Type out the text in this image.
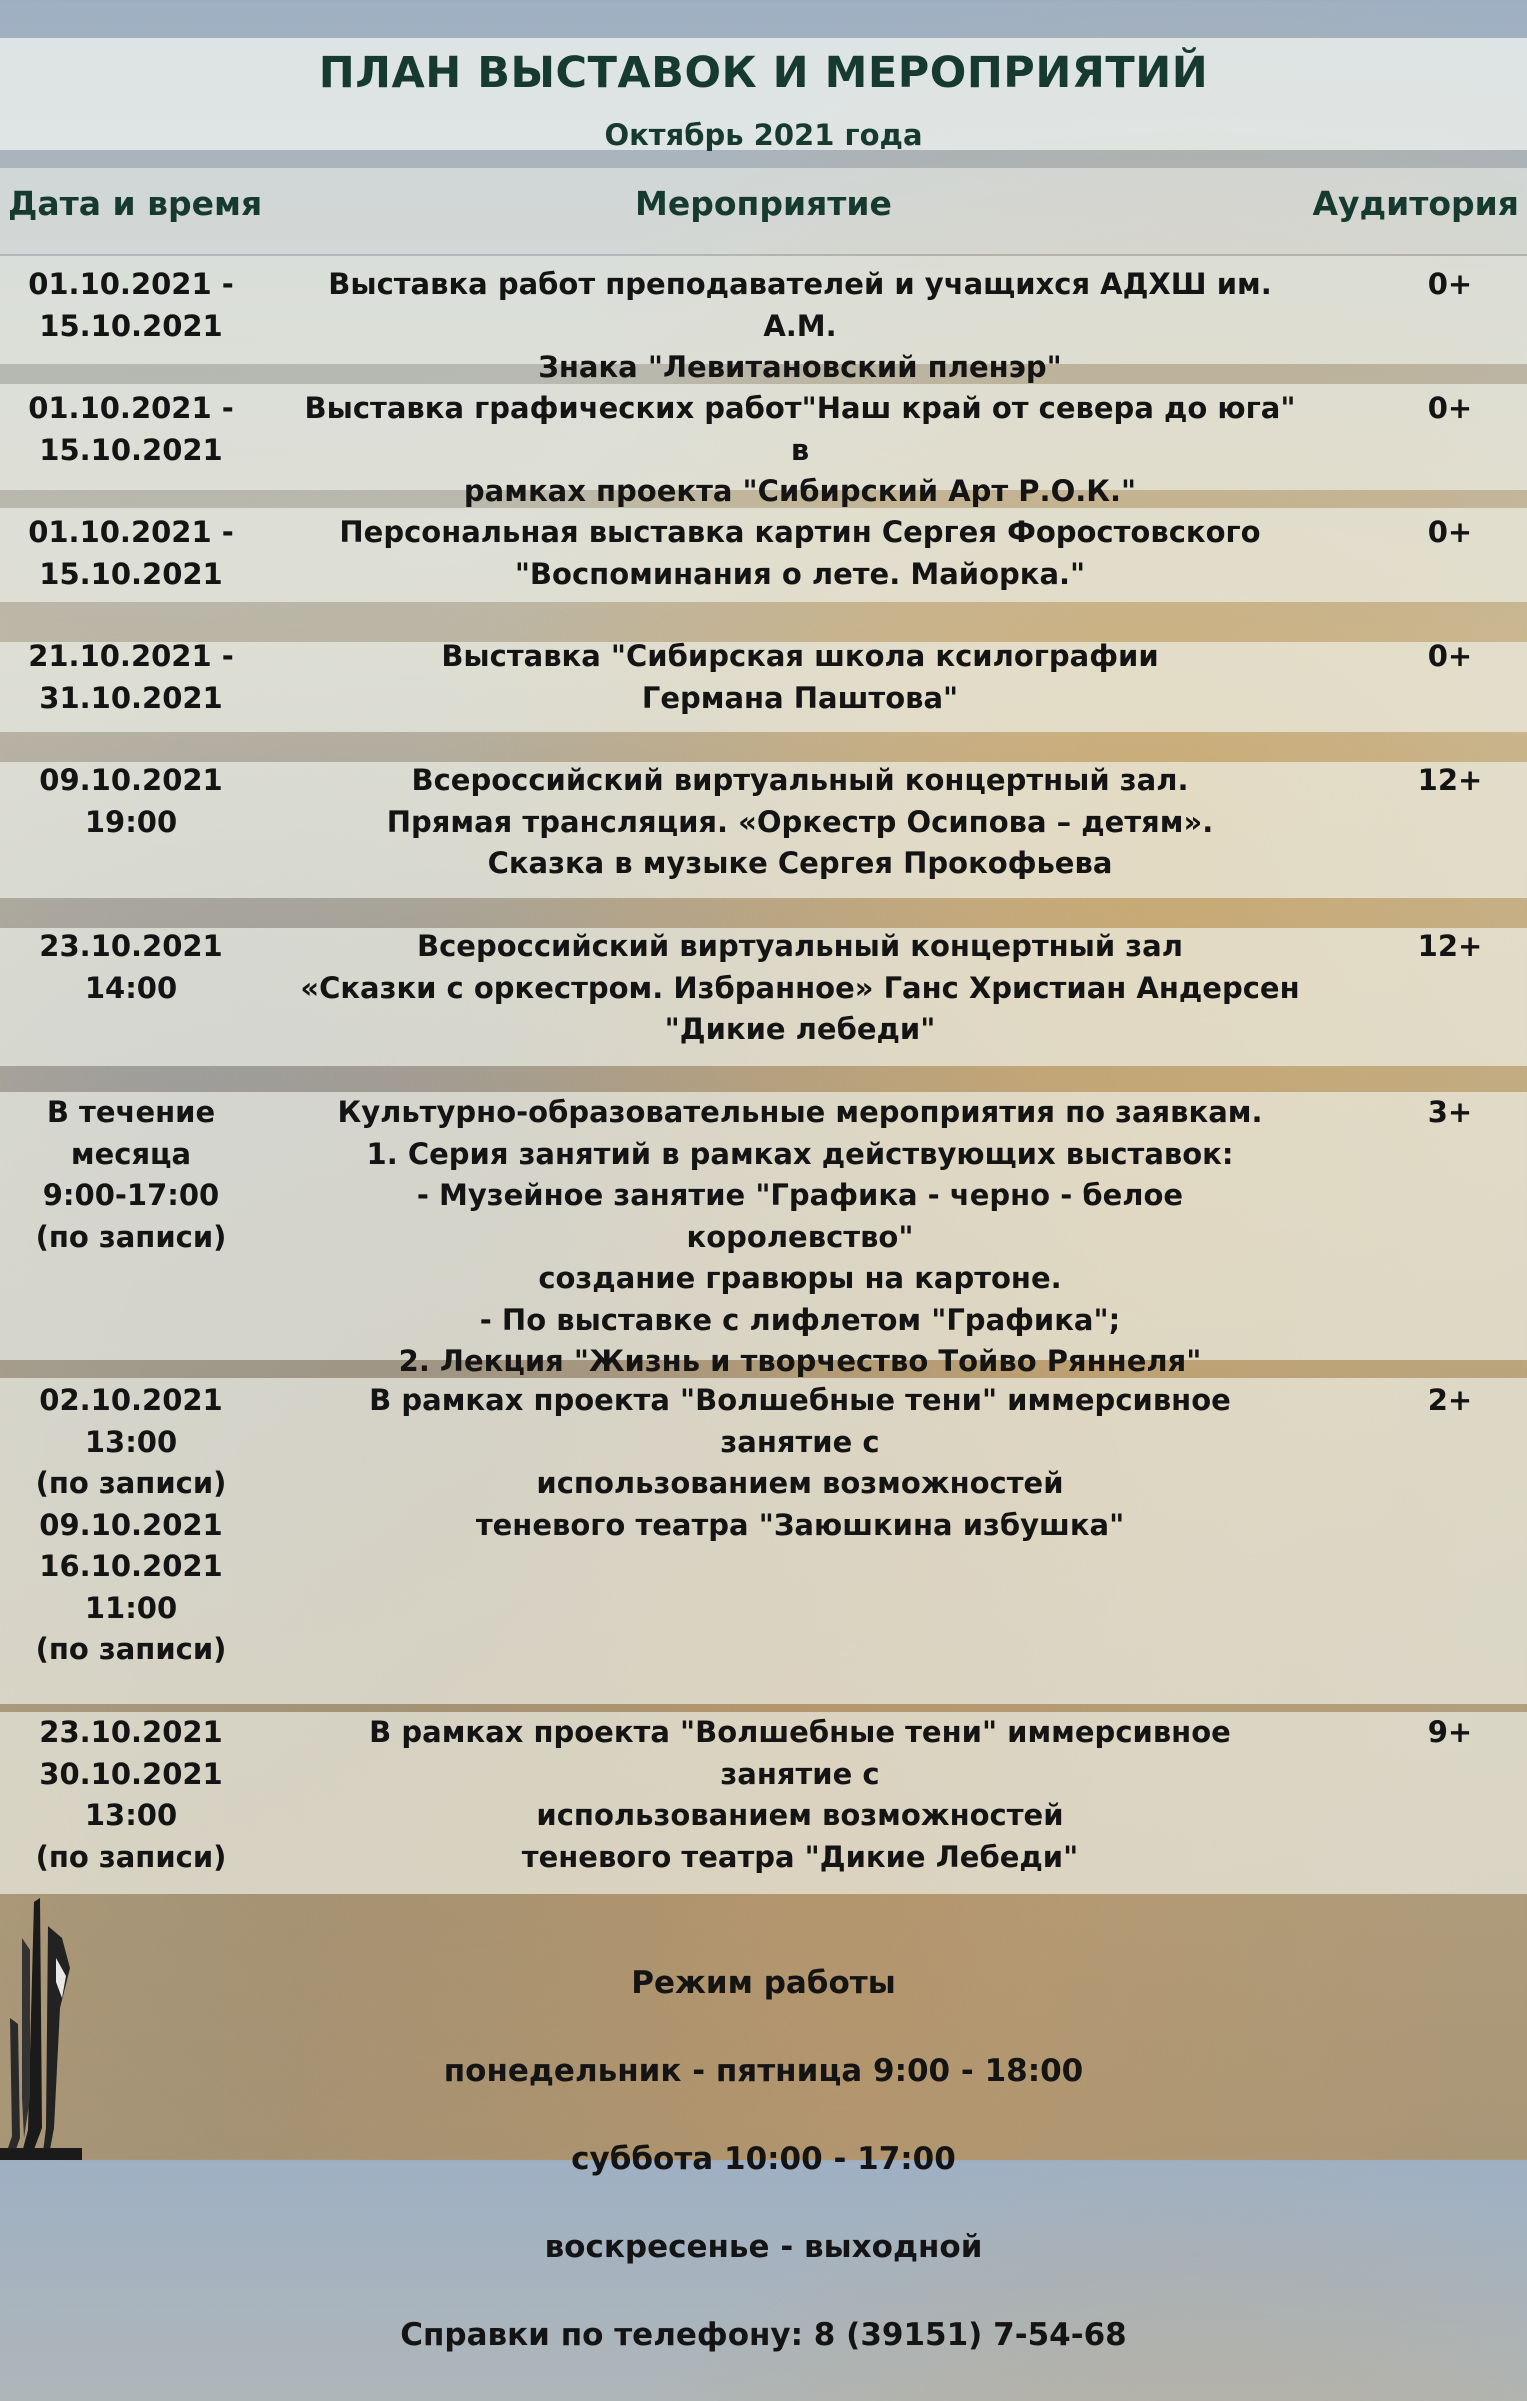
ПЛАН ВЫСТАВОК И МЕРОПРИЯТИЙ
Октябрь 2021 года
Дата и время	Мероприятие	Аудитория
01.10.2021 -
15.10.2021
Выставка работ преподавателей и учащихся АДХШ им. А.М.
Знака "Левитановский пленэр"
0+
01.10.2021 -
15.10.2021
Выставка графических работ"Наш край от севера до юга" в
рамках проекта "Сибирский Арт Р.О.К."
0+
01.10.2021 -
15.10.2021
Персональная выставка картин Сергея Форостовского
"Воспоминания о лете. Майорка."
0+
21.10.2021 -
31.10.2021
Выставка "Сибирская школа ксилографии
Германа Паштова"
0+
09.10.2021
19:00
Всероссийский виртуальный концертный зал.
Прямая трансляция. «Оркестр Осипова – детям».
Сказка в музыке Сергея Прокофьева
12+
23.10.2021
14:00
Всероссийский виртуальный концертный зал
«Сказки с оркестром. Избранное» Ганс Христиан Андерсен
"Дикие лебеди"
12+
В течение
месяца
9:00-17:00
(по записи)
Культурно-образовательные мероприятия по заявкам.
1. Серия занятий в рамках действующих выставок:
- Музейное занятие "Графика - черно - белое королевство"
создание гравюры на картоне.
- По выставке с лифлетом "Графика";
2. Лекция "Жизнь и творчество Тойво Ряннеля"
3+
02.10.2021
13:00
(по записи)
09.10.2021
16.10.2021
11:00
(по записи)
В рамках проекта "Волшебные тени" иммерсивное занятие с
использованием возможностей
теневого театра "Заюшкина избушка"
2+
23.10.2021
30.10.2021
13:00
(по записи)
В рамках проекта "Волшебные тени" иммерсивное занятие с
использованием возможностей
теневого театра "Дикие Лебеди"
9+

Режим работы

понедельник - пятница 9:00 - 18:00

суббота 10:00 - 17:00

воскресенье - выходной

Справки по телефону: 8 (39151) 7-54-68
